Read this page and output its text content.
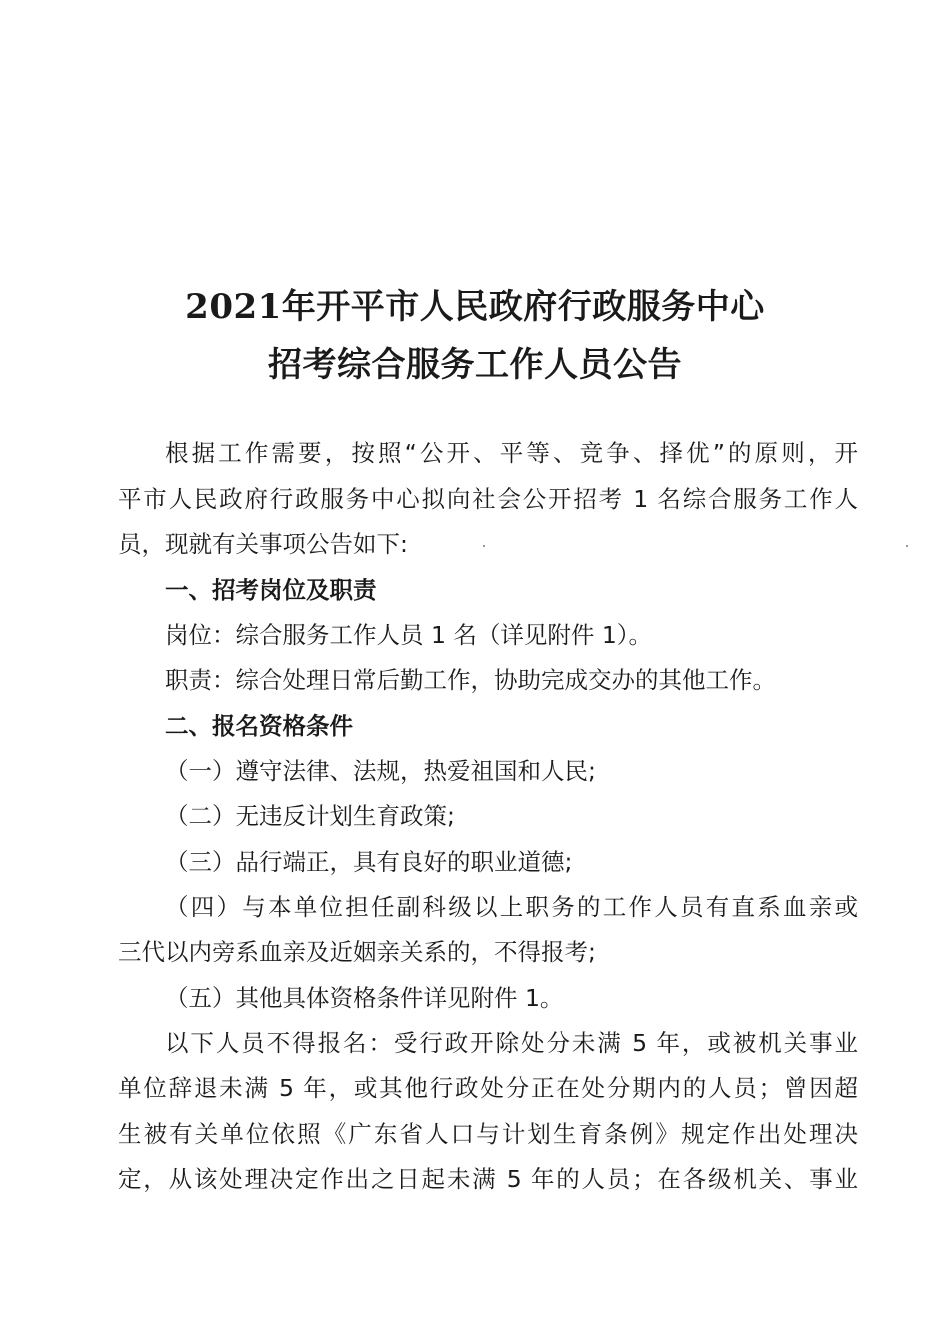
2021年开平市人民政府行政服务中心
招考综合服务工作人员公告
根据工作需要，按照“公开、平等、竞争、择优”的原则，开
平市人民政府行政服务中心拟向社会公开招考 1 名综合服务工作人
员，现就有关事项公告如下:
一、招考岗位及职责
岗位：综合服务工作人员 1 名（详见附件 1）。
职责：综合处理日常后勤工作，协助完成交办的其他工作。
二、报名资格条件
（一）遵守法律、法规，热爱祖国和人民;
（二）无违反计划生育政策;
（三）品行端正，具有良好的职业道德;
（四）与本单位担任副科级以上职务的工作人员有直系血亲或
三代以内旁系血亲及近姻亲关系的，不得报考;
（五）其他具体资格条件详见附件 1。
以下人员不得报名：受行政开除处分未满 5 年，或被机关事业
单位辞退未满 5 年，或其他行政处分正在处分期内的人员；曾因超
生被有关单位依照《广东省人口与计划生育条例》规定作出处理决
定，从该处理决定作出之日起未满 5 年的人员；在各级机关、事业
